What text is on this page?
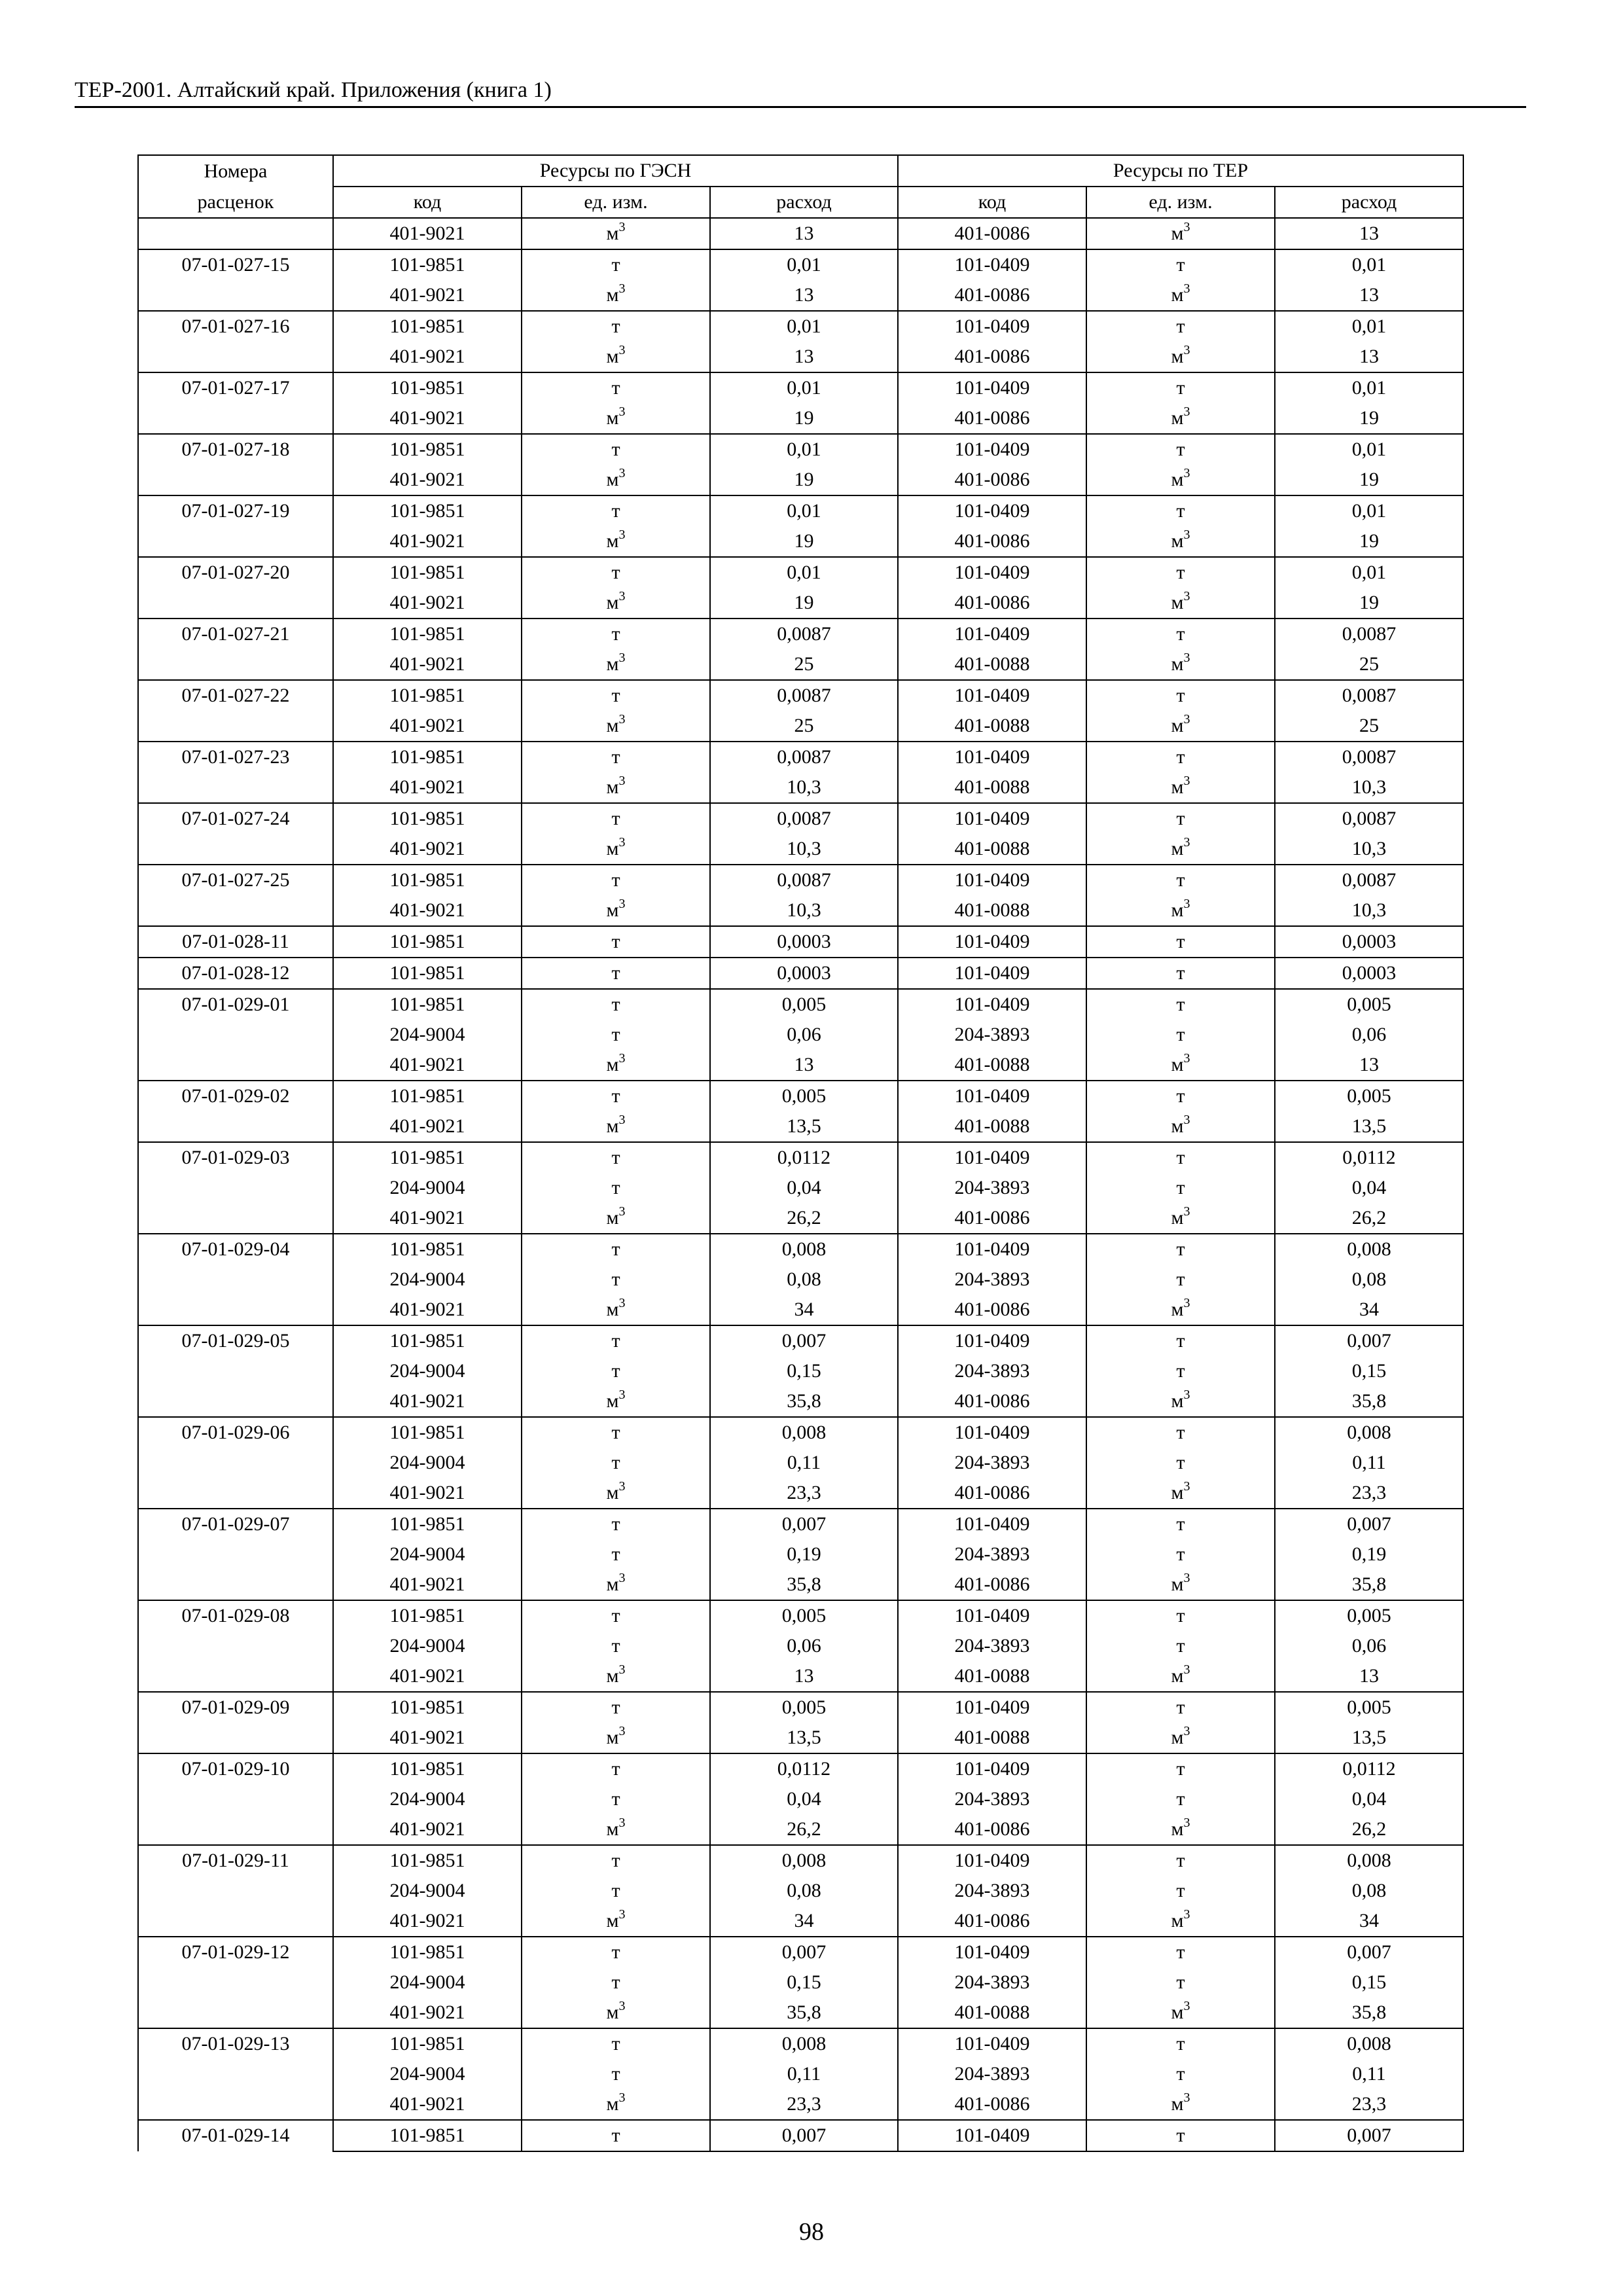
ТЕР-2001. Алтайский край. Приложения (книга 1)
Номера	Ресурсы по ГЭСН			Ресурсы по ТЕР		
расценок	код	ед. изм.	расход	код	ед. изм.	расход
	401-9021	$м^3$	13	401-0086	$м^3$	13
07-01-027-15	101-9851	т	0,01	101-0409	т	0,01
	401-9021	$м^3$	13	401-0086	$м^3$	13
07-01-027-16	101-9851	т	0,01	101-0409	т	0,01
	401-9021	$м^3$	13	401-0086	$м^3$	13
07-01-027-17	101-9851	т	0,01	101-0409	т	0,01
	401-9021	$м^3$	19	401-0086	$м^3$	19
07-01-027-18	101-9851	т	0,01	101-0409	т	0,01
	401-9021	$м^3$	19	401-0086	$м^3$	19
07-01-027-19	101-9851	т	0,01	101-0409	т	0,01
	401-9021	$м^3$	19	401-0086	$м^3$	19
07-01-027-20	101-9851	т	0,01	101-0409	т	0,01
	401-9021	$м^3$	19	401-0086	$м^3$	19
07-01-027-21	101-9851	т	0,0087	101-0409	т	0,0087
	401-9021	$м^3$	25	401-0088	$м^3$	25
07-01-027-22	101-9851	т	0,0087	101-0409	т	0,0087
	401-9021	$м^3$	25	401-0088	$м^3$	25
07-01-027-23	101-9851	т	0,0087	101-0409	т	0,0087
	401-9021	$м^3$	10,3	401-0088	$м^3$	10,3
07-01-027-24	101-9851	т	0,0087	101-0409	т	0,0087
	401-9021	$м^3$	10,3	401-0088	$м^3$	10,3
07-01-027-25	101-9851	т	0,0087	101-0409	т	0,0087
	401-9021	$м^3$	10,3	401-0088	$м^3$	10,3
07-01-028-11	101-9851	т	0,0003	101-0409	т	0,0003
07-01-028-12	101-9851	т	0,0003	101-0409	т	0,0003
07-01-029-01	101-9851	т	0,005	101-0409	т	0,005
	204-9004	т	0,06	204-3893	т	0,06
	401-9021	$м^3$	13	401-0088	$м^3$	13
07-01-029-02	101-9851	т	0,005	101-0409	т	0,005
	401-9021	$м^3$	13,5	401-0088	$м^3$	13,5
07-01-029-03	101-9851	т	0,0112	101-0409	т	0,0112
	204-9004	т	0,04	204-3893	т	0,04
	401-9021	$м^3$	26,2	401-0086	$м^3$	26,2
07-01-029-04	101-9851	т	0,008	101-0409	т	0,008
	204-9004	т	0,08	204-3893	т	0,08
	401-9021	$м^3$	34	401-0086	$м^3$	34
07-01-029-05	101-9851	т	0,007	101-0409	т	0,007
	204-9004	т	0,15	204-3893	т	0,15
	401-9021	$м^3$	35,8	401-0086	$м^3$	35,8
07-01-029-06	101-9851	т	0,008	101-0409	т	0,008
	204-9004	т	0,11	204-3893	т	0,11
	401-9021	$м^3$	23,3	401-0086	$м^3$	23,3
07-01-029-07	101-9851	т	0,007	101-0409	т	0,007
	204-9004	т	0,19	204-3893	т	0,19
	401-9021	$м^3$	35,8	401-0086	$м^3$	35,8
07-01-029-08	101-9851	т	0,005	101-0409	т	0,005
	204-9004	т	0,06	204-3893	т	0,06
	401-9021	$м^3$	13	401-0088	$м^3$	13
07-01-029-09	101-9851	т	0,005	101-0409	т	0,005
	401-9021	$м^3$	13,5	401-0088	$м^3$	13,5
07-01-029-10	101-9851	т	0,0112	101-0409	т	0,0112
	204-9004	т	0,04	204-3893	т	0,04
	401-9021	$м^3$	26,2	401-0086	$м^3$	26,2
07-01-029-11	101-9851	т	0,008	101-0409	т	0,008
	204-9004	т	0,08	204-3893	т	0,08
	401-9021	$м^3$	34	401-0086	$м^3$	34
07-01-029-12	101-9851	т	0,007	101-0409	т	0,007
	204-9004	т	0,15	204-3893	т	0,15
	401-9021	$м^3$	35,8	401-0088	$м^3$	35,8
07-01-029-13	101-9851	т	0,008	101-0409	т	0,008
	204-9004	т	0,11	204-3893	т	0,11
	401-9021	$м^3$	23,3	401-0086	$м^3$	23,3
07-01-029-14	101-9851	т	0,007	101-0409	т	0,007
98
